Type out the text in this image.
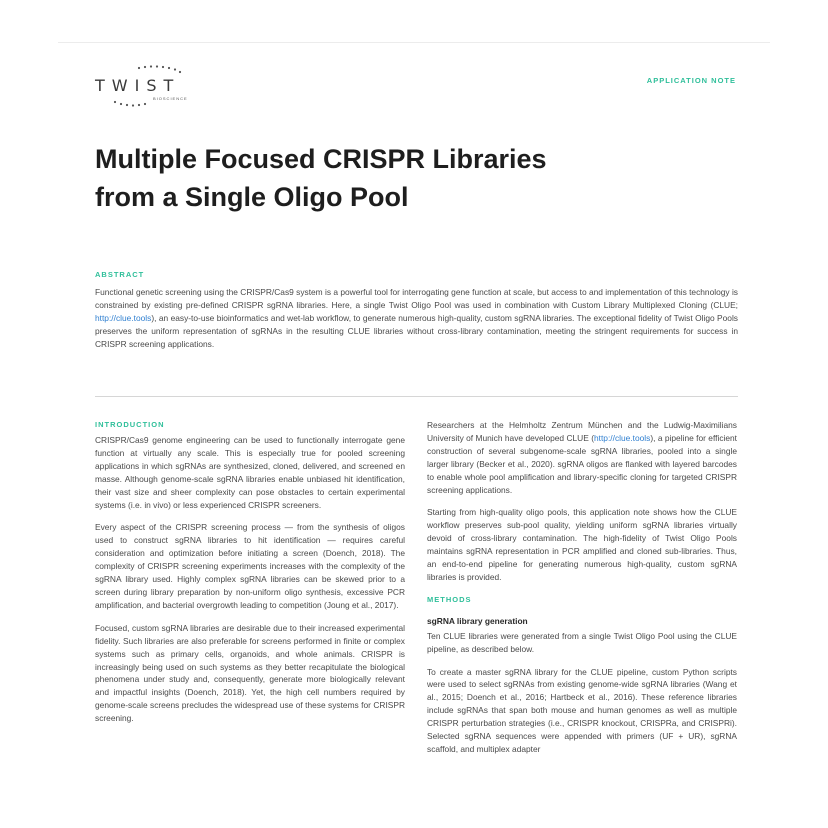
TWIST
BIOSCIENCE
APPLICATION NOTE
Multiple Focused CRISPR Libraries
from a Single Oligo Pool
ABSTRACT

Functional genetic screening using the CRISPR/Cas9 system is a powerful tool for interrogating gene function at scale, but access to and implementation of this technology is constrained by existing pre-defined CRISPR sgRNA libraries. Here, a single Twist Oligo Pool was used in combination with Custom Library Multiplexed Cloning (CLUE; http://clue.tools), an easy-to-use bioinformatics and wet-lab workflow, to generate numerous high-quality, custom sgRNA libraries. The exceptional fidelity of Twist Oligo Pools preserves the uniform representation of sgRNAs in the resulting CLUE libraries without cross-library contamination, meeting the stringent requirements for success in CRISPR screening applications.

INTRODUCTION

CRISPR/Cas9 genome engineering can be used to functionally interrogate gene function at virtually any scale. This is especially true for pooled screening applications in which sgRNAs are synthesized, cloned, delivered, and screened en masse. Although genome-scale sgRNA libraries enable unbiased hit identification, their vast size and sheer complexity can pose obstacles to certain experimental systems (i.e. in vivo) or less experienced CRISPR screeners.

Every aspect of the CRISPR screening process — from the synthesis of oligos used to construct sgRNA libraries to hit identification — requires careful consideration and optimization before initiating a screen (Doench, 2018). The complexity of CRISPR screening experiments increases with the complexity of the sgRNA library used. Highly complex sgRNA libraries can be skewed prior to a screen during library preparation by non-uniform oligo synthesis, excessive PCR amplification, and bacterial overgrowth leading to competition (Joung et al., 2017).

Focused, custom sgRNA libraries are desirable due to their increased experimental fidelity. Such libraries are also preferable for screens performed in finite or complex systems such as primary cells, organoids, and whole animals. CRISPR is increasingly being used on such systems as they better recapitulate the biological phenomena under study and, consequently, generate more biologically relevant and impactful insights (Doench, 2018). Yet, the high cell numbers required by genome-scale screens precludes the widespread use of these systems for CRISPR screening.

Researchers at the Helmholtz Zentrum München and the Ludwig-Maximilians University of Munich have developed CLUE (http://clue.tools), a pipeline for efficient construction of several subgenome-scale sgRNA libraries, pooled into a single larger library (Becker et al., 2020). sgRNA oligos are flanked with layered barcodes to enable whole pool amplification and library-specific cloning for targeted CRISPR screening applications.

Starting from high-quality oligo pools, this application note shows how the CLUE workflow preserves sub-pool quality, yielding uniform sgRNA libraries virtually devoid of cross-library contamination. The high-fidelity of Twist Oligo Pools maintains sgRNA representation in PCR amplified and cloned sub-libraries. Thus, an end-to-end pipeline for generating numerous high-quality, custom sgRNA libraries is provided.

METHODS
sgRNA library generation

Ten CLUE libraries were generated from a single Twist Oligo Pool using the CLUE pipeline, as described below.

To create a master sgRNA library for the CLUE pipeline, custom Python scripts were used to select sgRNAs from existing genome-wide sgRNA libraries (Wang et al., 2015; Doench et al., 2016; Hartbeck et al., 2016). These reference libraries include sgRNAs that span both mouse and human genomes as well as multiple CRISPR perturbation strategies (i.e., CRISPR knockout, CRISPRa, and CRISPRi). Selected sgRNA sequences were appended with primers (UF + UR), sgRNA scaffold, and multiplex adapter
